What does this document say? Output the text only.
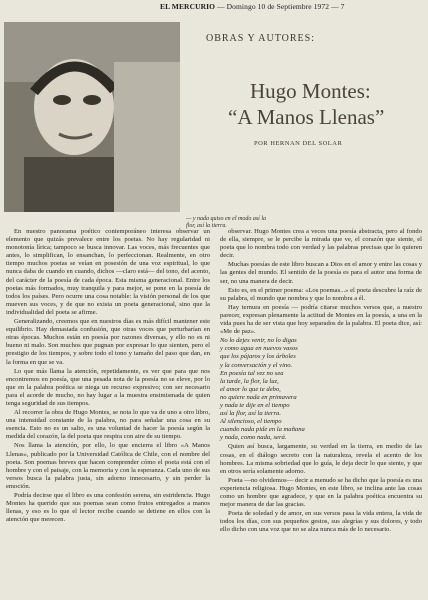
EL MERCURIO — Domingo 10 de Septiembre 1972 — 7
— y nada quiso en el modo así la flor, así la tierra.
OBRAS Y AUTORES:
Hugo Montes:
“A Manos Llenas”
POR HERNAN DEL SOLAR

En nuestro panorama poético contemporáneo interesa observar un elemento que quizás prevalece entre los poetas. No hay regularidad ni monotonía lírica; tampoco se busca innovar. Las voces, más frecuentes que antes, lo simplifican, lo ensanchan, lo perfeccionan. Realmente, en otro tiempo muchos poetas se veían en posesión de una voz espiritual, lo que nunca daba de cuando en cuando, dichos —claro está— del tono, del acento, del carácter de la poesía de cada época. Esta misma generacional. Entre los poetas más formados, muy tranquila y para mejor, se pone en la poesía de todos los países. Pero ocurre una cosa notable: la visión personal de los que mueven sus voces, y de que no exista un poeta generacional, sino que la individualidad del poeta se afirme.

Generalizando, creemos que en nuestros días es más difícil mantener este equilibrio. Hay demasiada confusión, que otras voces que perturbarían en otras épocas. Muchos están en poesía por razones diversas, y ello no es ni bueno ni malo. Son muchos que pugnan por expresar lo que sienten, pero el prestigio de los tiempos, y sobre todo el tono y tamaño del paso que dan, en la forma en que se va.

Lo que más llama la atención, repetidamente, es ver que para que nos encontremos en poesía, que una pesada nota de la poesía no se eleve, por lo que en la palabra poética se niega un recurso expresivo; con ser necesario para el acorde de mucho, no hay lugar a la muestra ensimismada de quien tenga seguridad de sus tiempos.

Al recorrer la obra de Hugo Montes, se nota lo que va de uno a otro libro, una intensidad constante de la palabra, no para señalar una cosa en su esencia. Esto no es un salto, es una voluntad de hacer la poesía según la medida del corazón, la del poeta que respira con aire de su tiempo.

Nos llama la atención, por ello, lo que encierra el libro «A Manos Llenas», publicado por la Universidad Católica de Chile, con el nombre del poeta. Son poemas breves que hacen comprender cómo el poeta está con el hombre y con el paisaje, con la memoria y con la esperanza. Cada uno de sus versos busca la palabra justa, sin adorno innecesario, y sin perder la emoción.

Podría decirse que el libro es una confesión serena, sin estridencia. Hugo Montes ha querido que sus poemas sean como frutos entregados a manos llenas, y eso es lo que el lector recibe cuando se detiene en ellos con la atención que merecen.

observar. Hugo Montes crea a veces una poesía abstracta, pero al fondo de ella, siempre, se le percibe la mirada que ve, el corazón que siente, el poeta que lo nombra todo con verdad y las palabras precisas que lo quieren decir.

Muchas poesías de este libro buscan a Dios en el amor y entre las cosas y las gentes del mundo. El sentido de la poesía es para el autor una forma de ser, no una manera de decir.

Esto es, en el primer poema: «Los poemas...» el poeta descubre la raíz de su palabra, el mundo que nombra y que lo nombra a él.

Hay ternura en poesía — podría citarse muchos versos que, a nuestro parecer, expresan plenamente la actitud de Montes en la poesía, a una en la vida pues ha de ser vista que hoy separados de la palabra. El poeta dice, así: «Me de paz».

No lo dejes venir, no lo digas
y como agua en nuevos vasos
que los pájaros y los árboles
y la conversación y el vino.
En poesía tal vez no sea
la tarde, la flor, la luz,
el amor lo que te debo,
no quiere nada en primavera
y nada te dije en el tiempo
así la flor, así la tierra.
Al silencioso, el tiempo
cuando nada pide en la mañana
y nada, como nada, será.

Quien así busca, largamente, su verdad en la tierra, en medio de las cosas, en el diálogo secreto con la naturaleza, revela el acento de los hombres. La misma sobriedad que lo guía, le deja decir lo que siente, y que en otros sería solamente adorno.

Poeta —no olvidemos— decir a menudo se ha dicho que la poesía es una experiencia religiosa. Hugo Montes, en este libro, se inclina ante las cosas como un hombre que agradece, y que en la palabra poética encuentra su mejor manera de dar las gracias.

Poeta de soledad y de amor, en sus versos pasa la vida entera, la vida de todos los días, con sus pequeños gestos, sus alegrías y sus dolores, y todo ello dicho con una voz que no se alza nunca más de lo necesario.
